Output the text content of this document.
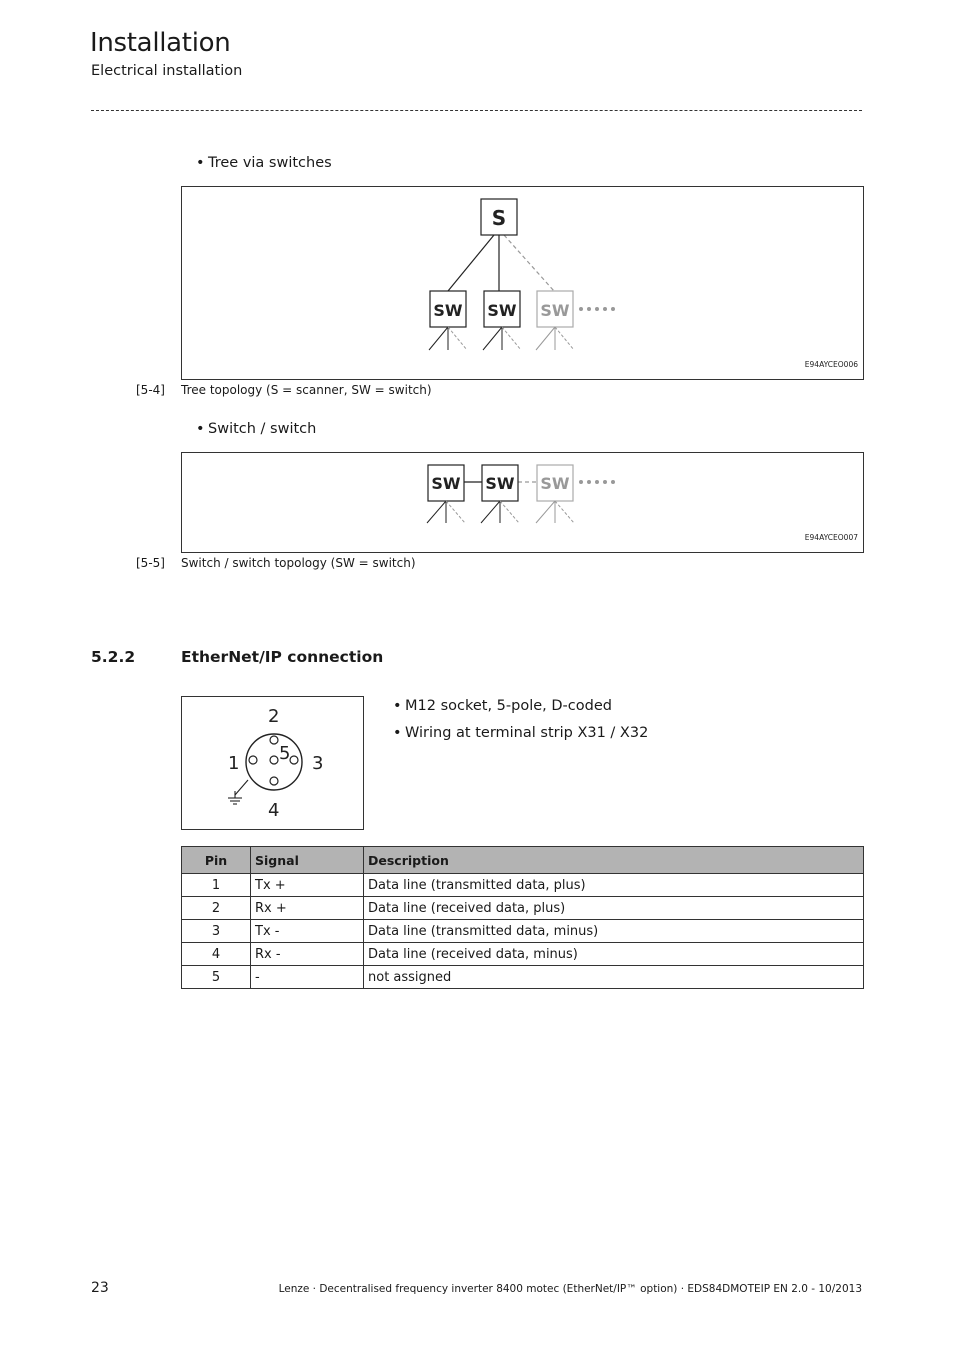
Installation
Electrical installation
• Tree via switches
S
SW SW SW
E94AYCEO006
[5-4] Tree topology (S = scanner, SW = switch)
• Switch / switch
SW SW SW
E94AYCEO007
[5-5] Switch / switch topology (SW = switch)
5.2.2	EtherNet/IP connection
2
1	3
5
4
• M12 socket, 5-pole, D-coded
• Wiring at terminal strip X31 / X32
Pin	Signal	Description
1	Tx +	Data line (transmitted data, plus)
2	Rx +	Data line (received data, plus)
3	Tx -	Data line (transmitted data, minus)
4	Rx -	Data line (received data, minus)
5	-	not assigned
23	Lenze · Decentralised frequency inverter 8400 motec (EtherNet/IP™ option) · EDS84DMOTEIP EN 2.0 - 10/2013
